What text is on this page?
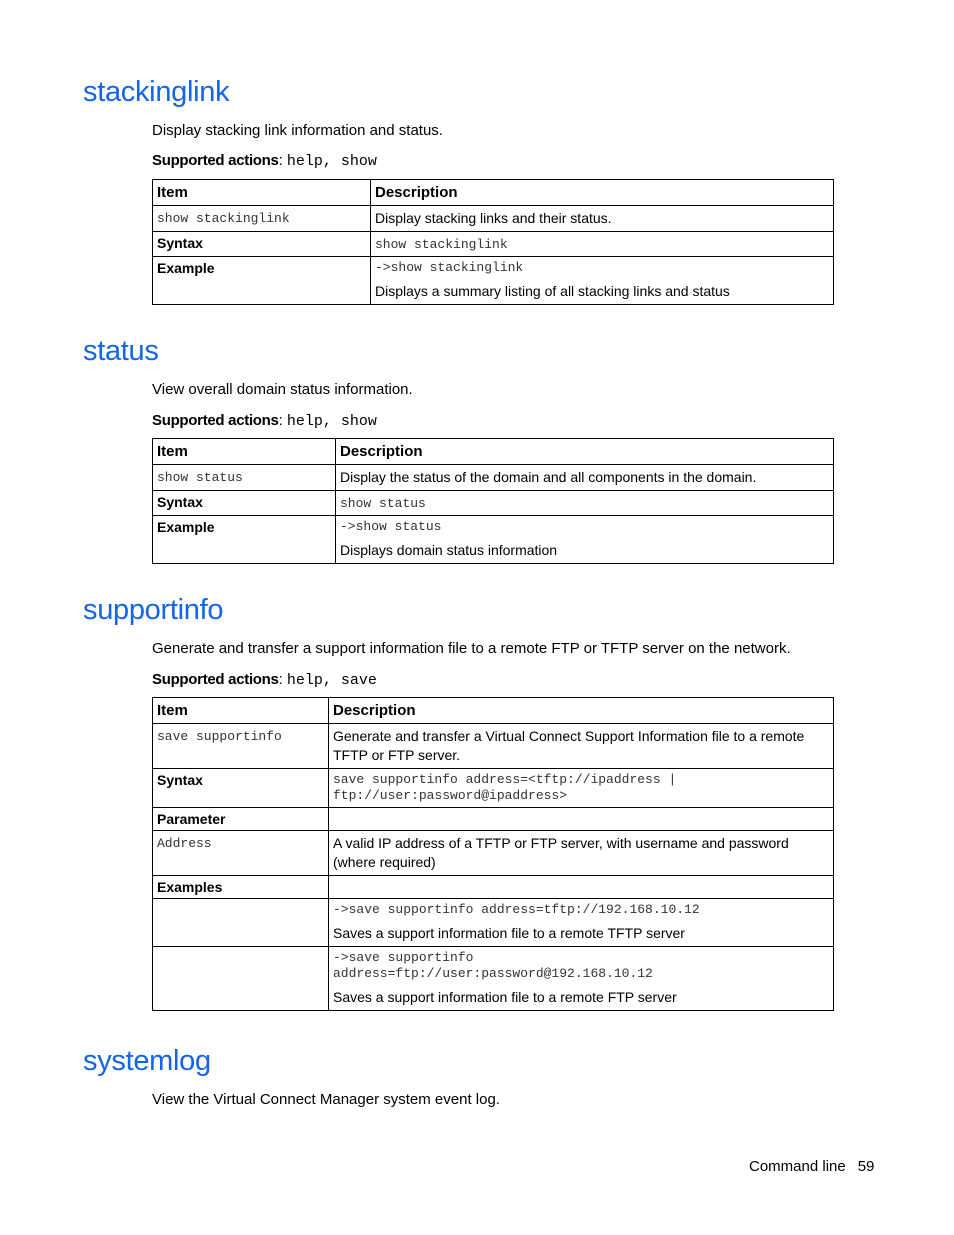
stackinglink

Display stacking link information and status.

Supported actions: help, show

Item	Description
show stackinglink	Display stacking links and their status.
Syntax	show stackinglink
Example	->show stackinglink
Displays a summary listing of all stacking links and status
status

View overall domain status information.

Supported actions: help, show

Item	Description
show status	Display the status of the domain and all components in the domain.
Syntax	show status
Example	->show status
Displays domain status information
supportinfo

Generate and transfer a support information file to a remote FTP or TFTP server on the network.

Supported actions: help, save

Item	Description
save supportinfo	Generate and transfer a Virtual Connect Support Information file to a remote TFTP or FTP server.
Syntax	save supportinfo address=<tftp://ipaddress |
ftp://user:password@ipaddress>

Parameter	
Address	A valid IP address of a TFTP or FTP server, with username and password (where required)
Examples	

	->save supportinfo address=tftp://192.168.10.12
Saves a support information file to a remote TFTP server

	->save supportinfo
address=ftp://user:password@192.168.10.12
Saves a support information file to a remote FTP server
systemlog

View the Virtual Connect Manager system event log.

Command line 59
